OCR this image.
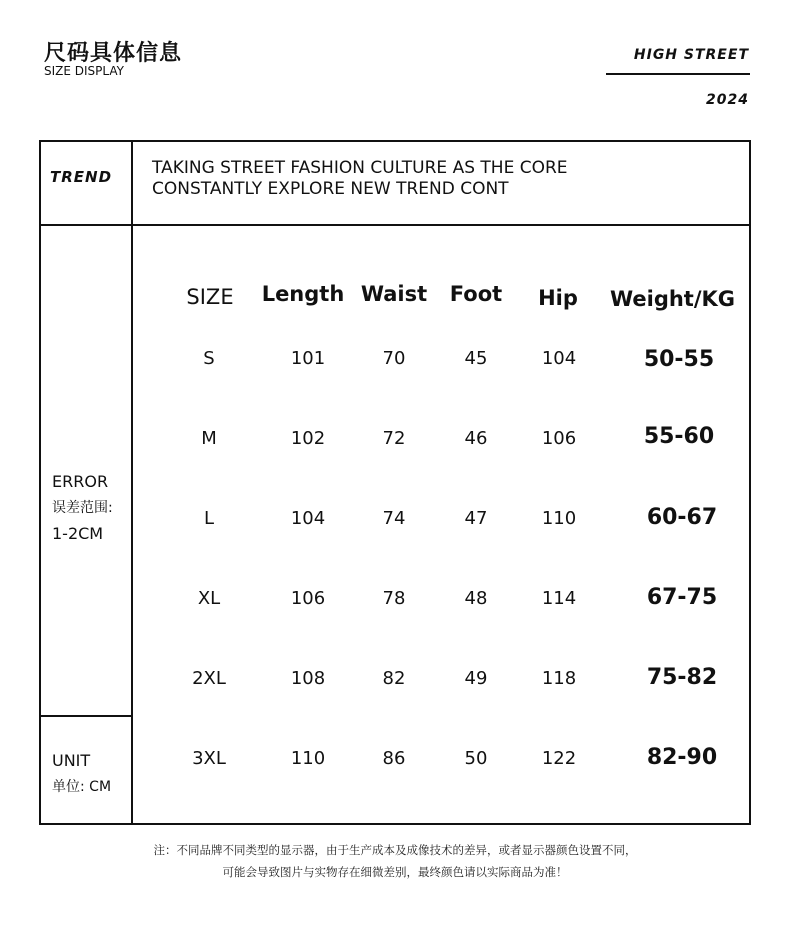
尺码具体信息
SIZE DISPLAY
HIGH STREET
2024
TREND TAKING STREET FASHION CULTURE AS THE CORE
CONSTANTLY EXPLORE NEW TREND CONT
ERROR
误差范围:
1-2CM
UNIT
单位: CM
SIZE	Length Waist	Foot	Hip	Weight/KG
S	101	70	45	104	50-55
M	102	72	46	106	55-60
L	104	74	47	110	60-67
XL	106	78	48	114	67-75
2XL	108	82	49	118	75-82
3XL	110	86	50	122	82-90
注：不同品牌不同类型的显示器，由于生产成本及成像技术的差异，或者显示器颜色设置不同，
可能会导致图片与实物存在细微差别，最终颜色请以实际商品为准！
